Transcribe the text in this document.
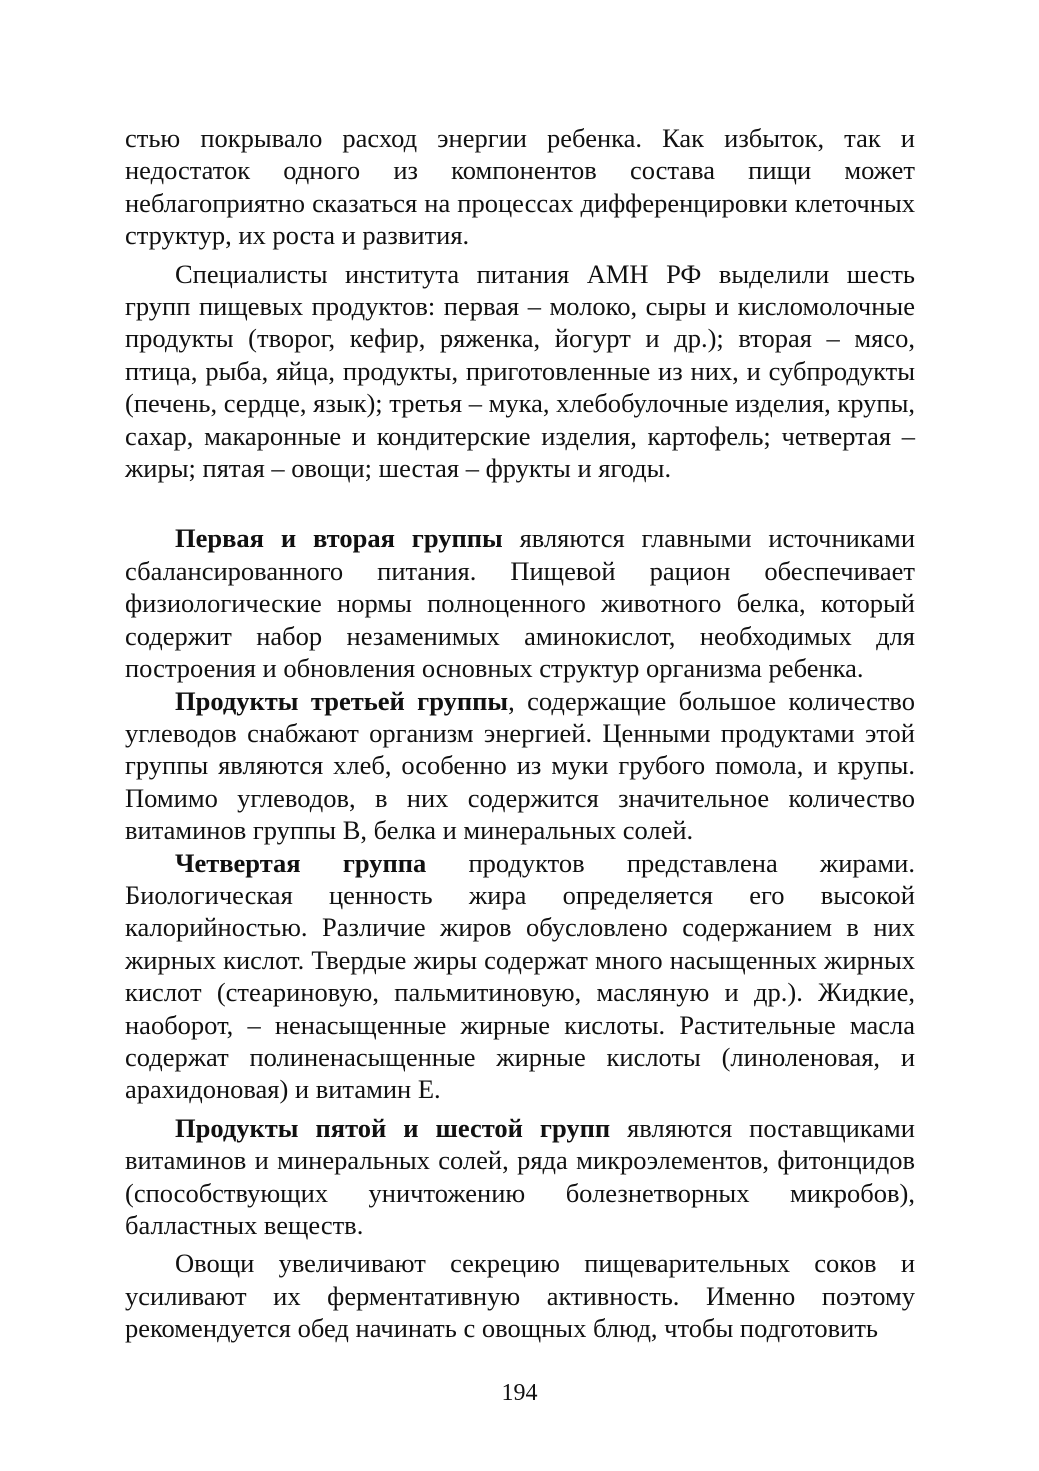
стью покрывало расход энергии ребенка. Как избыток, так и недостаток одного из компонентов состава пищи может неблагоприятно сказаться на процессах дифференцировки клеточных структур, их роста и развития.

Специалисты института питания АМН РФ выделили шесть групп пищевых продуктов: первая – молоко, сыры и кисломолочные продукты (творог, кефир, ряженка, йогурт и др.); вторая – мясо, птица, рыба, яйца, продукты, приготовленные из них, и субпродукты (печень, сердце, язык); третья – мука, хлебобулочные изделия, крупы, сахар, макаронные и кондитерские изделия, картофель; четвертая – жиры; пятая – овощи; шестая – фрукты и ягоды.

Первая и вторая группы являются главными источниками сбалансированного питания. Пищевой рацион обеспечивает физиологические нормы полноценного животного белка, который содержит набор незаменимых аминокислот, необходимых для построения и обновления основных структур организма ребенка.

Продукты третьей группы, содержащие большое количество углеводов снабжают организм энергией. Ценными продуктами этой группы являются хлеб, особенно из муки грубого помола, и крупы. Помимо углеводов, в них содержится значительное количество витаминов группы В, белка и минеральных солей.

Четвертая группа продуктов представлена жирами. Биологическая ценность жира определяется его высокой калорийностью. Различие жиров обусловлено содержанием в них жирных кислот. Твердые жиры содержат много насыщенных жирных кислот (стеариновую, пальмитиновую, масляную и др.). Жидкие, наоборот, – ненасыщенные жирные кислоты. Растительные масла содержат полиненасыщенные жирные кислоты (линоленовая, и арахидоновая) и витамин Е.

Продукты пятой и шестой групп являются поставщиками витаминов и минеральных солей, ряда микроэлементов, фитонцидов (способствующих уничтожению болезнетворных микробов), балластных веществ.

Овощи увеличивают секрецию пищеварительных соков и усиливают их ферментативную активность. Именно поэтому рекомендуется обед начинать с овощных блюд, чтобы подготовить

194
